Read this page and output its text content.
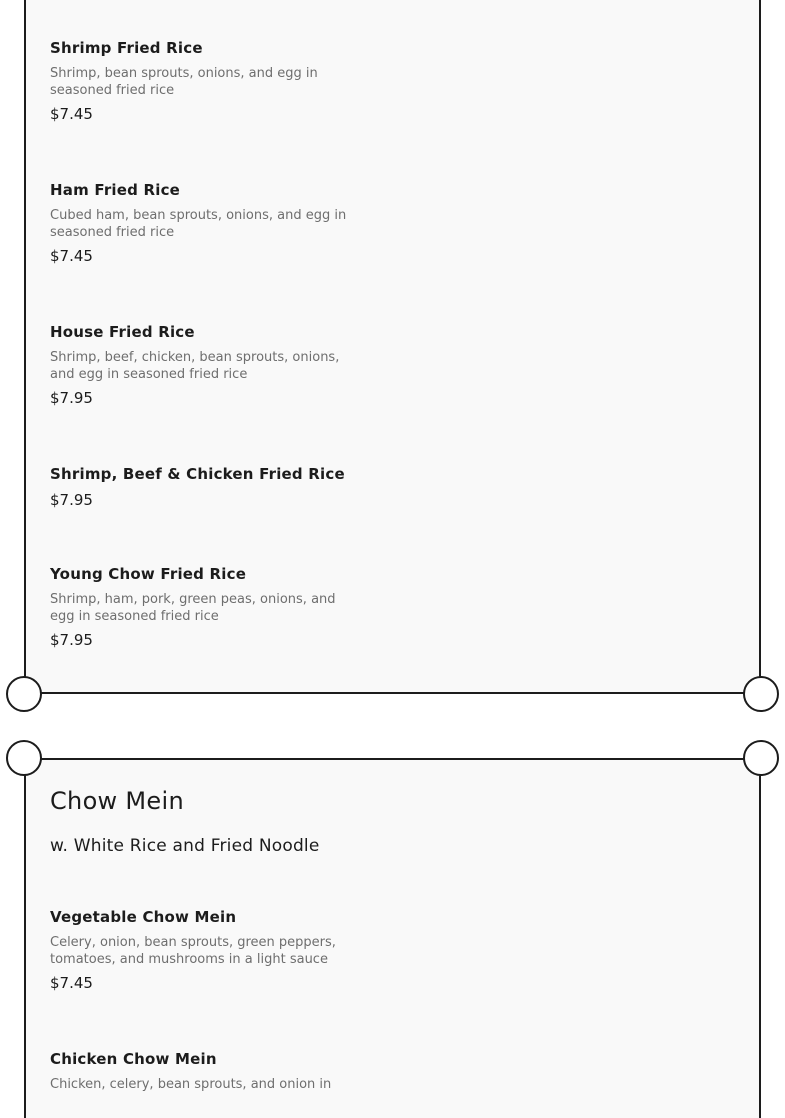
Shrimp Fried Rice
Shrimp, bean sprouts, onions, and egg in seasoned fried rice
$7.45
Ham Fried Rice
Cubed ham, bean sprouts, onions, and egg in seasoned fried rice
$7.45
House Fried Rice
Shrimp, beef, chicken, bean sprouts, onions, and egg in seasoned fried rice
$7.95
Shrimp, Beef & Chicken Fried Rice
$7.95
Young Chow Fried Rice
Shrimp, ham, pork, green peas, onions, and egg in seasoned fried rice
$7.95
Chow Mein
w. White Rice and Fried Noodle
Vegetable Chow Mein
Celery, onion, bean sprouts, green peppers, tomatoes, and mushrooms in a light sauce
$7.45
Chicken Chow Mein
Chicken, celery, bean sprouts, and onion in
